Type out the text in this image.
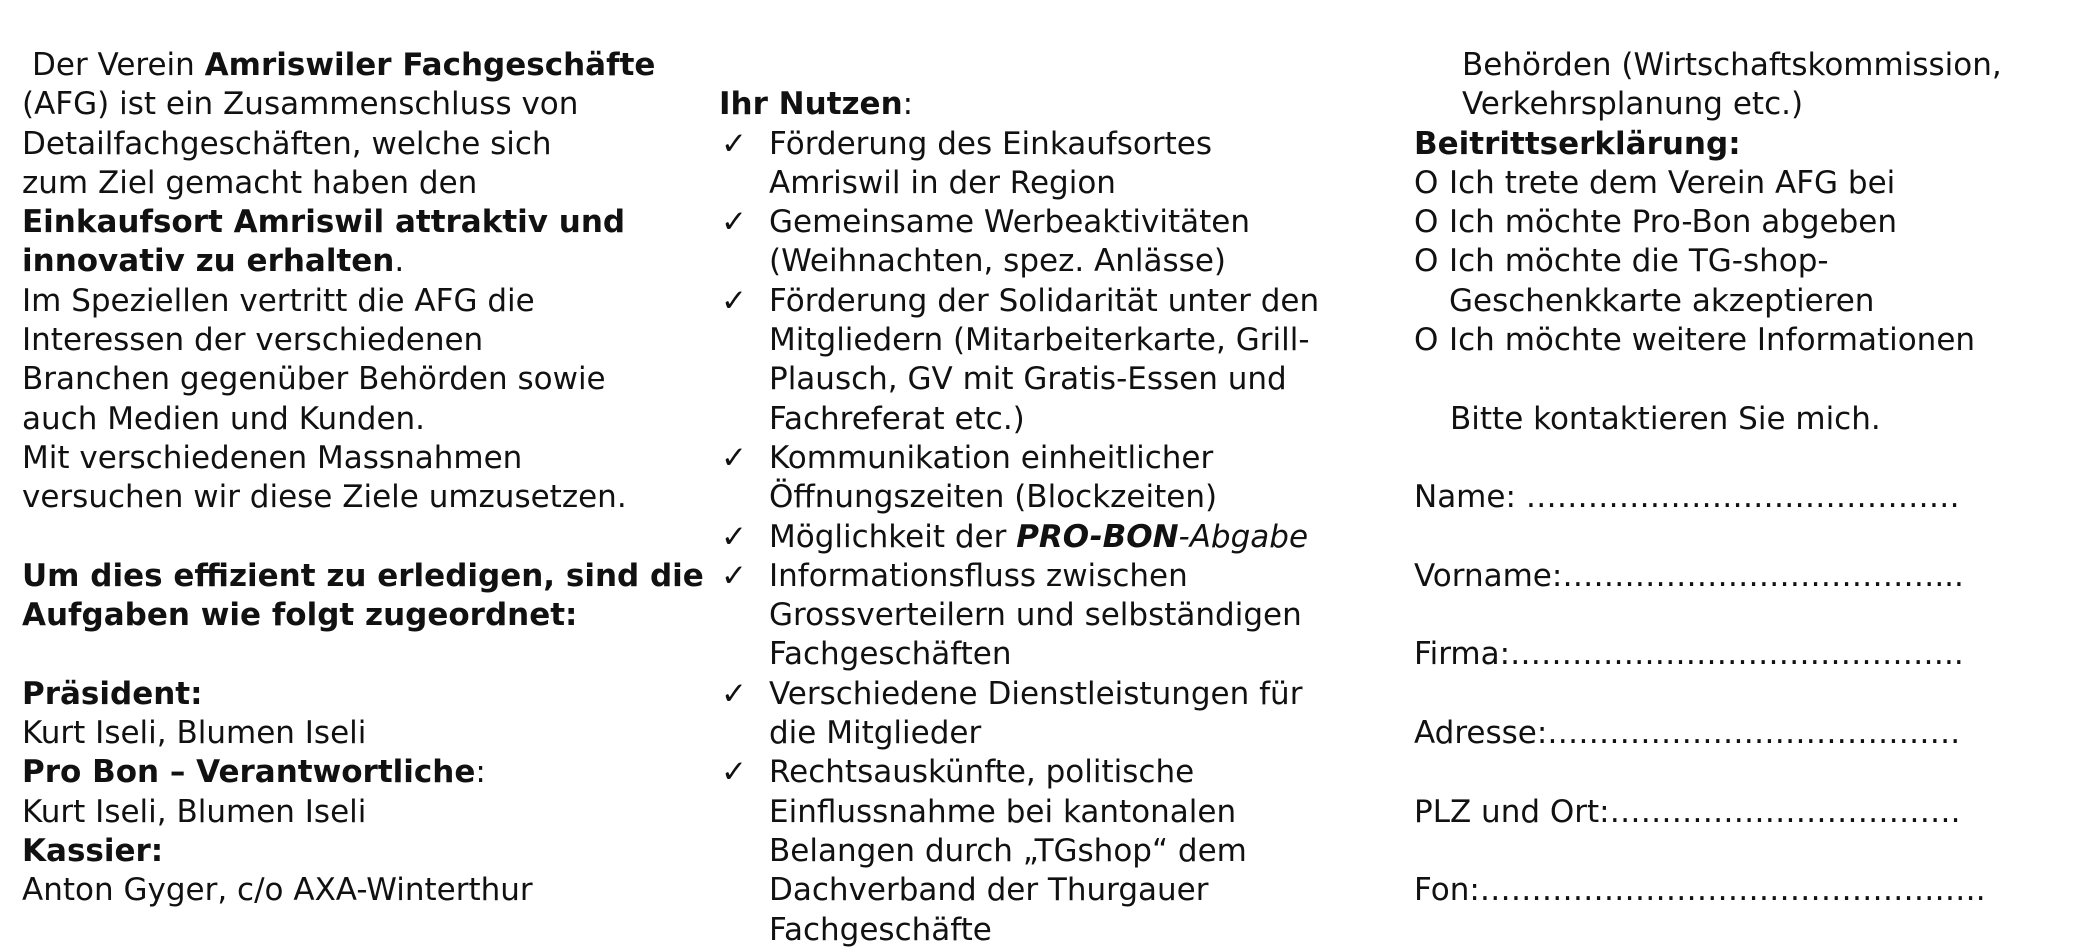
Der Verein Amriswiler Fachgeschäfte
(AFG) ist ein Zusammenschluss von
Detailfachgeschäften, welche sich
zum Ziel gemacht haben den
Einkaufsort Amriswil attraktiv und
innovativ zu erhalten.
Im Speziellen vertritt die AFG die
Interessen der verschiedenen
Branchen gegenüber Behörden sowie
auch Medien und Kunden.
Mit verschiedenen Massnahmen
versuchen wir diese Ziele umzusetzen.
Um dies effizient zu erledigen, sind die
Aufgaben wie folgt zugeordnet:
Präsident:
Kurt Iseli, Blumen Iseli
Pro Bon – Verantwortliche:
Kurt Iseli, Blumen Iseli
Kassier:
Anton Gyger, c/o AXA-Winterthur
Ihr Nutzen:
✓ Förderung des Einkaufsortes
Amriswil in der Region
✓ Gemeinsame Werbeaktivitäten
(Weihnachten, spez. Anlässe)
✓ Förderung der Solidarität unter den
Mitgliedern (Mitarbeiterkarte, Grill-
Plausch, GV mit Gratis-Essen und
Fachreferat etc.)
✓ Kommunikation einheitlicher
Öffnungszeiten (Blockzeiten)
✓ Möglichkeit der PRO-BON-Abgabe
✓ Informationsfluss zwischen
Grossverteilern und selbständigen
Fachgeschäften
✓ Verschiedene Dienstleistungen für
die Mitglieder
✓ Rechtsauskünfte, politische
Einflussnahme bei kantonalen
Belangen durch „TGshop“ dem
Dachverband der Thurgauer
Fachgeschäfte
Behörden (Wirtschaftskommission,
Verkehrsplanung etc.)
Beitrittserklärung:
O Ich trete dem Verein AFG bei
O Ich möchte Pro-Bon abgeben
O Ich möchte die TG-shop-
Geschenkkarte akzeptieren
O Ich möchte weitere Informationen
Bitte kontaktieren Sie mich.
Name: ……………………………………
Vorname:………………………………...
Firma:……………………………………..
Adresse:………………………………….
PLZ und Ort:…………………………….
Fon:………………………………………….
